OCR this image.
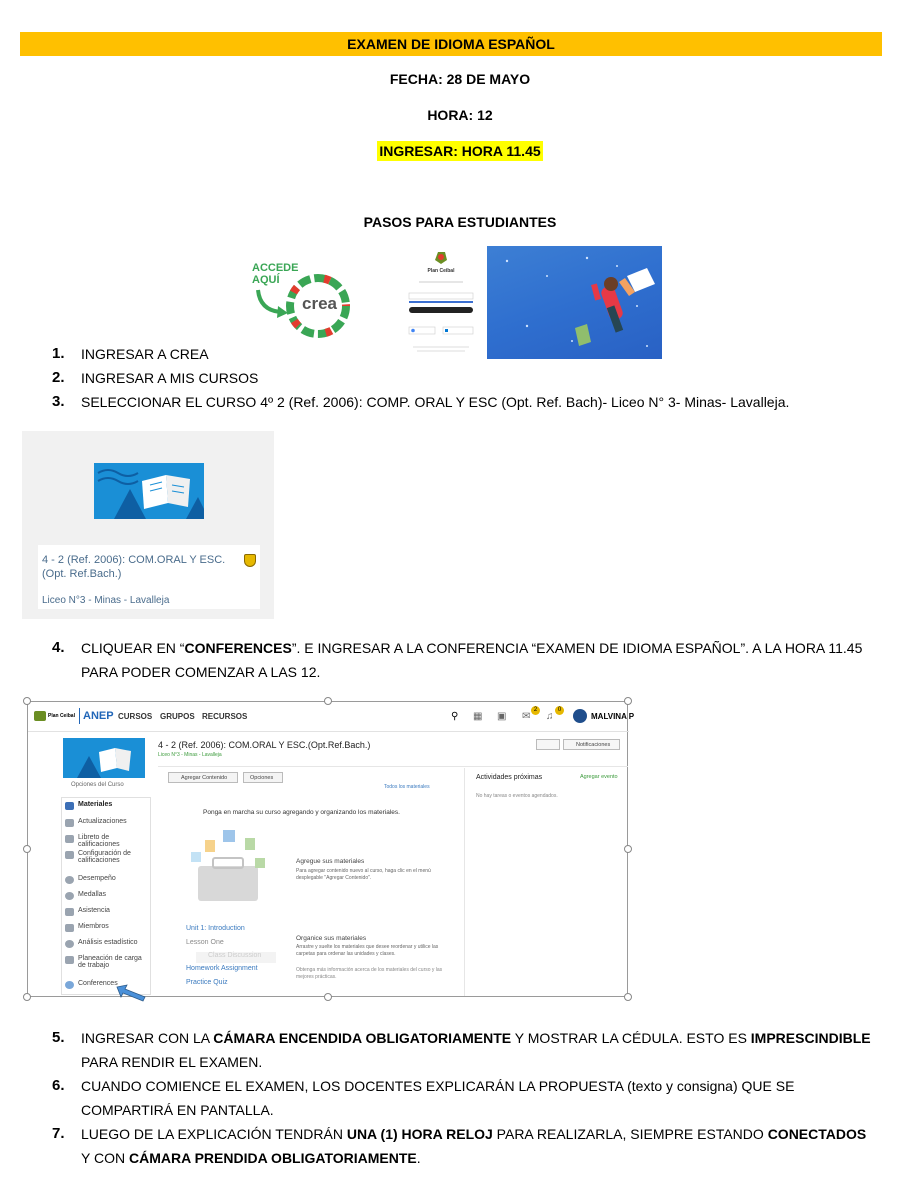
EXAMEN DE IDIOMA ESPAÑOL
FECHA: 28 DE MAYO
HORA: 12
INGRESAR: HORA 11.45
PASOS PARA ESTUDIANTES
ACCEDE
AQUÍ
crea
Plan Ceibal
1.	INGRESAR A CREA
2.	INGRESAR A MIS CURSOS
3.	SELECCIONAR EL CURSO 4º 2 (Ref. 2006): COMP. ORAL Y ESC (Opt. Ref. Bach)- Liceo N° 3- Minas- Lavalleja.
4 - 2 (Ref. 2006): COM.ORAL Y ESC.(Opt. Ref.Bach.)
Liceo N°3 - Minas - Lavalleja
4.	CLIQUEAR EN “CONFERENCES”. E INGRESAR A LA CONFERENCIA “EXAMEN DE IDIOMA ESPAÑOL”. A LA HORA 11.45 PARA PODER COMENZAR A LAS 12.
Plan Ceibal ANEP CURSOS GRUPOS RECURSOS	⚲ ▦ ▣ ✉
2
♫
0
MALVINA P
Opciones del Curso
Materiales
Actualizaciones
Libreto de calificaciones
Configuración de calificaciones
Desempeño
Medallas
Asistencia
Miembros
Análisis estadístico
Planeación de carga de trabajo
Conferences
4 - 2 (Ref. 2006): COM.ORAL Y ESC.(Opt.Ref.Bach.)
Liceo N°3 - Minas - Lavalleja
Notificaciones
Agregar Contenido	Opciones
Todos los materiales
Actividades próximas	Agregar evento
No hay tareas o eventos agendados.
Ponga en marcha su curso agregando y organizando los materiales.
Agregue sus materiales
Para agregar contenido nuevo al curso, haga clic en el menú desplegable "Agregar Contenido".
Unit 1: Introduction
Lesson One
Class Discussion
Homework Assignment
Practice Quiz
Organice sus materiales
Arrastre y suelte los materiales que desee reordenar y utilice las carpetas para ordenar las unidades y clases.
Obtenga más información acerca de los materiales del curso y las mejores prácticas.
5.	INGRESAR CON LA CÁMARA ENCENDIDA OBLIGATORIAMENTE Y MOSTRAR LA CÉDULA. ESTO ES IMPRESCINDIBLE PARA RENDIR EL EXAMEN.
6.	CUANDO COMIENCE EL EXAMEN, LOS DOCENTES EXPLICARÁN LA PROPUESTA (texto y consigna) QUE SE COMPARTIRÁ EN PANTALLA.
7.	LUEGO DE LA EXPLICACIÓN TENDRÁN UNA (1) HORA RELOJ PARA REALIZARLA, SIEMPRE ESTANDO CONECTADOS Y CON CÁMARA PRENDIDA OBLIGATORIAMENTE.
